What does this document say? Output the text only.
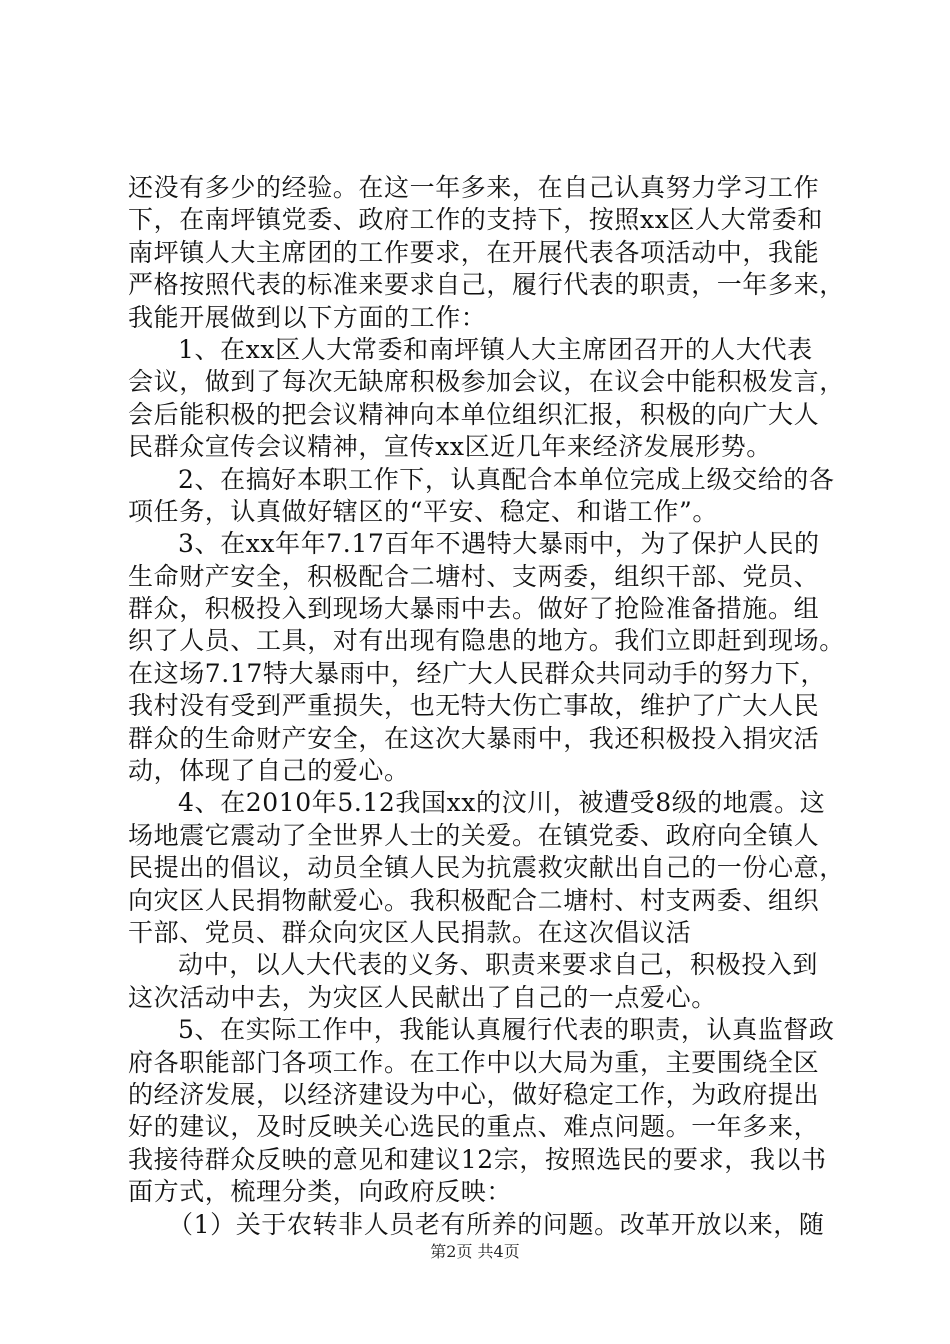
还没有多少的经验。在这一年多来，在自己认真努力学习工作
下，在南坪镇党委、政府工作的支持下，按照xx区人大常委和
南坪镇人大主席团的工作要求，在开展代表各项活动中，我能
严格按照代表的标准来要求自己，履行代表的职责，一年多来，
我能开展做到以下方面的工作：
1、在xx区人大常委和南坪镇人大主席团召开的人大代表
会议，做到了每次无缺席积极参加会议，在议会中能积极发言，
会后能积极的把会议精神向本单位组织汇报，积极的向广大人
民群众宣传会议精神，宣传xx区近几年来经济发展形势。
2、在搞好本职工作下，认真配合本单位完成上级交给的各
项任务，认真做好辖区的“平安、稳定、和谐工作”。
3、在xx年年7.17百年不遇特大暴雨中，为了保护人民的
生命财产安全，积极配合二塘村、支两委，组织干部、党员、
群众，积极投入到现场大暴雨中去。做好了抢险准备措施。组
织了人员、工具，对有出现有隐患的地方。我们立即赶到现场。
在这场7.17特大暴雨中，经广大人民群众共同动手的努力下，
我村没有受到严重损失，也无特大伤亡事故，维护了广大人民
群众的生命财产安全，在这次大暴雨中，我还积极投入捐灾活
动，体现了自己的爱心。
4、在2010年5.12我国xx的汶川，被遭受8级的地震。这
场地震它震动了全世界人士的关爱。在镇党委、政府向全镇人
民提出的倡议，动员全镇人民为抗震救灾献出自己的一份心意，
向灾区人民捐物献爱心。我积极配合二塘村、村支两委、组织
干部、党员、群众向灾区人民捐款。在这次倡议活
动中，以人大代表的义务、职责来要求自己，积极投入到
这次活动中去，为灾区人民献出了自己的一点爱心。
5、在实际工作中，我能认真履行代表的职责，认真监督政
府各职能部门各项工作。在工作中以大局为重，主要围绕全区
的经济发展，以经济建设为中心，做好稳定工作，为政府提出
好的建议，及时反映关心选民的重点、难点问题。一年多来，
我接待群众反映的意见和建议12宗，按照选民的要求，我以书
面方式，梳理分类，向政府反映：
（1）关于农转非人员老有所养的问题。改革开放以来，随
第2页 共4页
